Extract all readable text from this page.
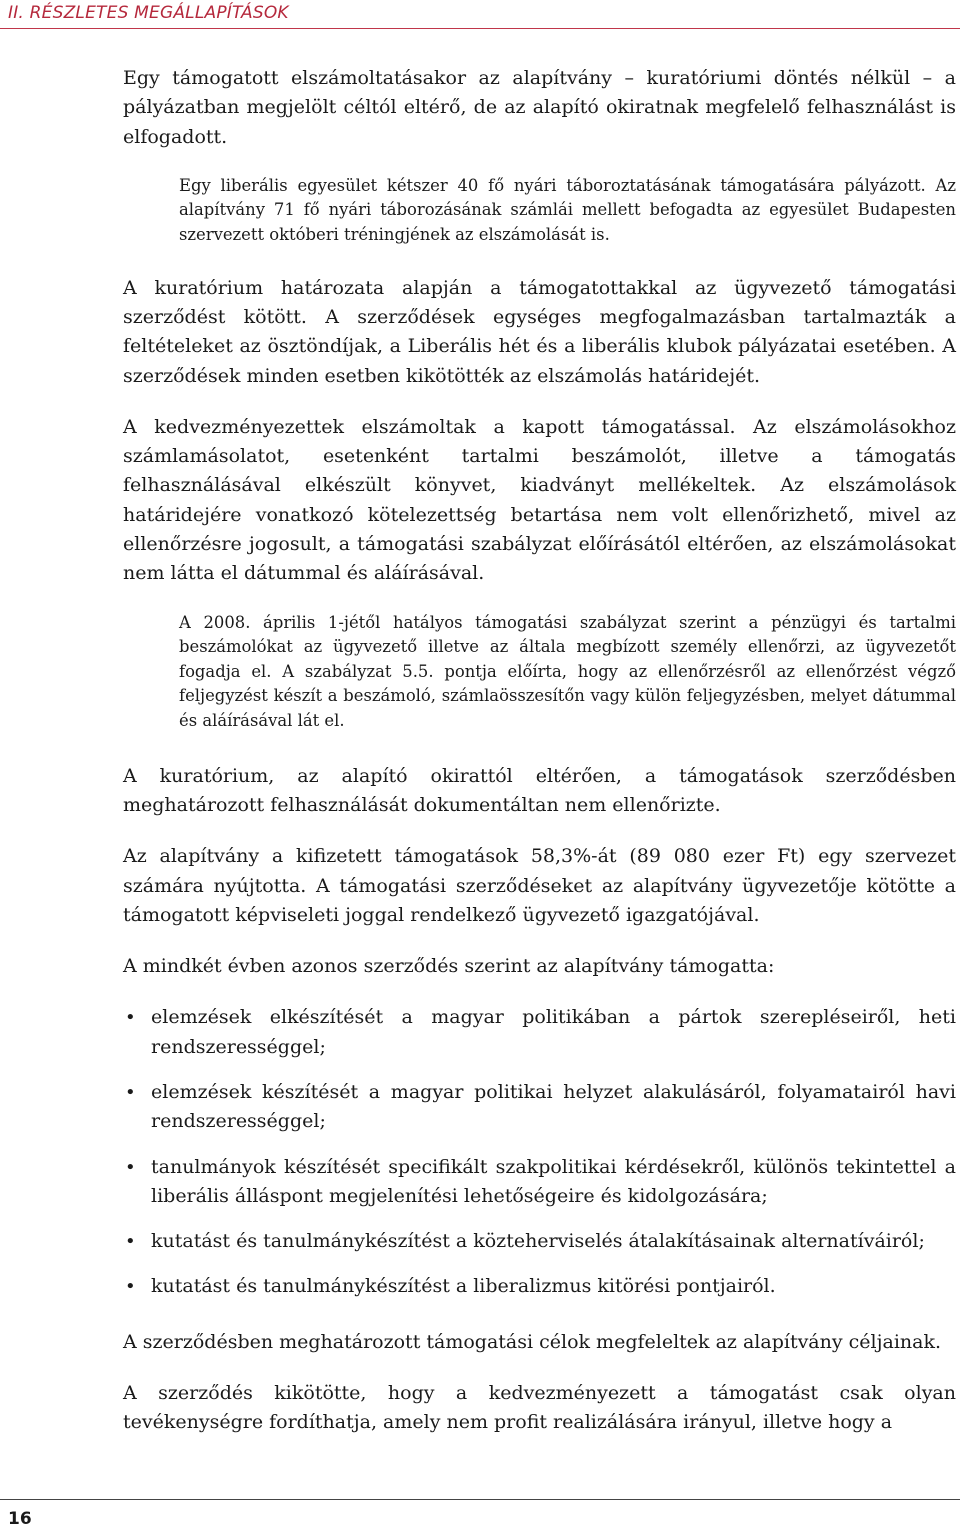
II. RÉSZLETES MEGÁLLAPÍTÁSOK

Egy támogatott elszámoltatásakor az alapítvány – kuratóriumi döntés nélkül – a pályázatban megjelölt céltól eltérő, de az alapító okiratnak megfelelő felhasználást is elfogadott.

Egy liberális egyesület kétszer 40 fő nyári táboroztatásának támogatására pályázott. Az alapítvány 71 fő nyári táborozásának számlái mellett befogadta az egyesület Budapesten szervezett októberi tréningjének az elszámolását is.

A kuratórium határozata alapján a támogatottakkal az ügyvezető támogatási szerződést kötött. A szerződések egységes megfogalmazásban tartalmazták a feltételeket az ösztöndíjak, a Liberális hét és a liberális klubok pályázatai esetében. A szerződések minden esetben kikötötték az elszámolás határidejét.

A kedvezményezettek elszámoltak a kapott támogatással. Az elszámolásokhoz számlamásolatot, esetenként tartalmi beszámolót, illetve a támogatás felhasználásával elkészült könyvet, kiadványt mellékeltek. Az elszámolások határidejére vonatkozó kötelezettség betartása nem volt ellenőrizhető, mivel az ellenőrzésre jogosult, a támogatási szabályzat előírásától eltérően, az elszámolásokat nem látta el dátummal és aláírásával.

A 2008. április 1-jétől hatályos támogatási szabályzat szerint a pénzügyi és tartalmi beszámolókat az ügyvezető illetve az általa megbízott személy ellenőrzi, az ügyvezetőt fogadja el. A szabályzat 5.5. pontja előírta, hogy az ellenőrzésről az ellenőrzést végző feljegyzést készít a beszámoló, számlaösszesítőn vagy külön feljegyzésben, melyet dátummal és aláírásával lát el.

A kuratórium, az alapító okirattól eltérően, a támogatások szerződésben meghatározott felhasználását dokumentáltan nem ellenőrizte.

Az alapítvány a kifizetett támogatások 58,3%-át (89 080 ezer Ft) egy szervezet számára nyújtotta. A támogatási szerződéseket az alapítvány ügyvezetője kötötte a támogatott képviseleti joggal rendelkező ügyvezető igazgatójával.

A mindkét évben azonos szerződés szerint az alapítvány támogatta:

• elemzések elkészítését a magyar politikában a pártok szerepléseiről, heti rendszerességgel;
• elemzések készítését a magyar politikai helyzet alakulásáról, folyamatairól havi rendszerességgel;
• tanulmányok készítését specifikált szakpolitikai kérdésekről, különös tekintettel a liberális álláspont megjelenítési lehetőségeire és kidolgozására;
• kutatást és tanulmánykészítést a közteherviselés átalakításainak alternatíváiról;
• kutatást és tanulmánykészítést a liberalizmus kitörési pontjairól.

A szerződésben meghatározott támogatási célok megfeleltek az alapítvány céljainak.

A szerződés kikötötte, hogy a kedvezményezett a támogatást csak olyan tevékenységre fordíthatja, amely nem profit realizálására irányul, illetve hogy a

16
